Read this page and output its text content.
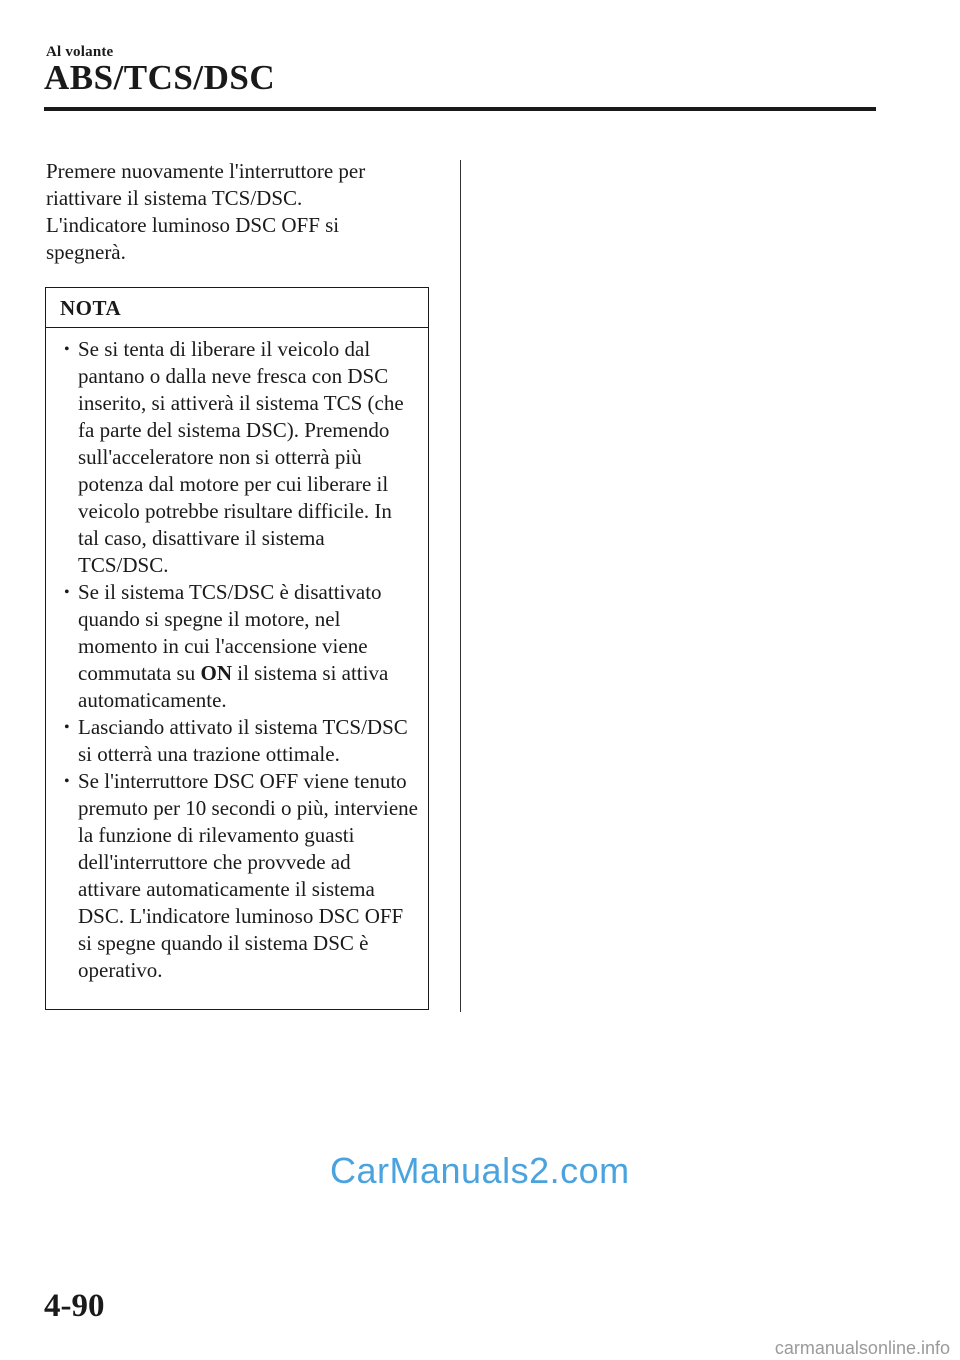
Al volante
ABS/TCS/DSC

Premere nuovamente l'interruttore per

riattivare il sistema TCS/DSC.

L'indicatore luminoso DSC OFF si

spegnerà.

NOTA
• Se si tenta di liberare il veicolo dal pantano o dalla neve fresca con DSC inserito, si attiverà il sistema TCS (che fa parte del sistema DSC). Premendo sull'acceleratore non si otterrà più potenza dal motore per cui liberare il veicolo potrebbe risultare difficile. In tal caso, disattivare il sistema TCS/DSC.
• Se il sistema TCS/DSC è disattivato quando si spegne il motore, nel momento in cui l'accensione viene commutata su ON il sistema si attiva automaticamente.
• Lasciando attivato il sistema TCS/DSC si otterrà una trazione ottimale.
• Se l'interruttore DSC OFF viene tenuto premuto per 10 secondi o più, interviene la funzione di rilevamento guasti dell'interruttore che provvede ad attivare automaticamente il sistema DSC. L'indicatore luminoso DSC OFF si spegne quando il sistema DSC è operativo.
CarManuals2.com
4-90
carmanualsonline.info
